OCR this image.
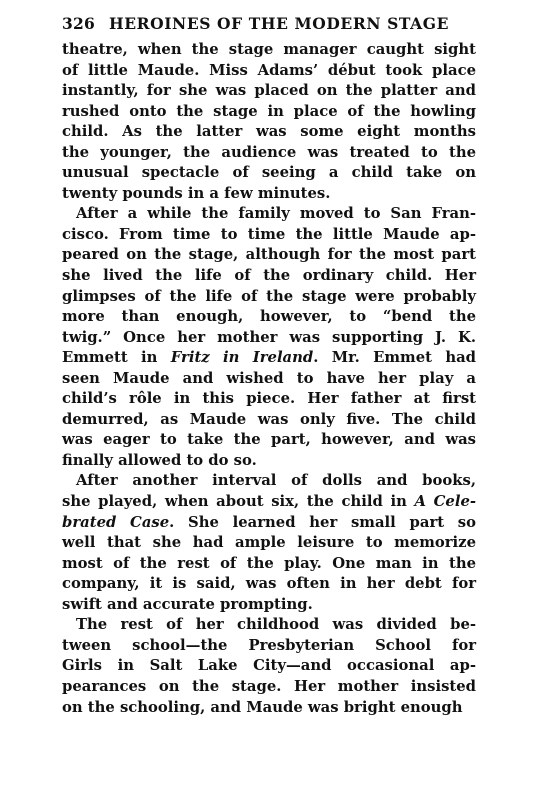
326 HEROINES OF THE MODERN STAGE
theatre, when the stage manager caught sight
of little Maude. Miss Adams’ début took place
instantly, for she was placed on the platter and
rushed onto the stage in place of the howling
child. As the latter was some eight months
the younger, the audience was treated to the
unusual spectacle of seeing a child take on
twenty pounds in a few minutes.
After a while the family moved to San Fran-
cisco. From time to time the little Maude ap-
peared on the stage, although for the most part
she lived the life of the ordinary child. Her
glimpses of the life of the stage were probably
more than enough, however, to “bend the
twig.” Once her mother was supporting J. K.
Emmett in Fritz in Ireland. Mr. Emmet had
seen Maude and wished to have her play a
child’s rôle in this piece. Her father at first
demurred, as Maude was only five. The child
was eager to take the part, however, and was
finally allowed to do so.
After another interval of dolls and books,
she played, when about six, the child in A Cele-
brated Case. She learned her small part so
well that she had ample leisure to memorize
most of the rest of the play. One man in the
company, it is said, was often in her debt for
swift and accurate prompting.
The rest of her childhood was divided be-
tween school—the Presbyterian School for
Girls in Salt Lake City—and occasional ap-
pearances on the stage. Her mother insisted
on the schooling, and Maude was bright enough
